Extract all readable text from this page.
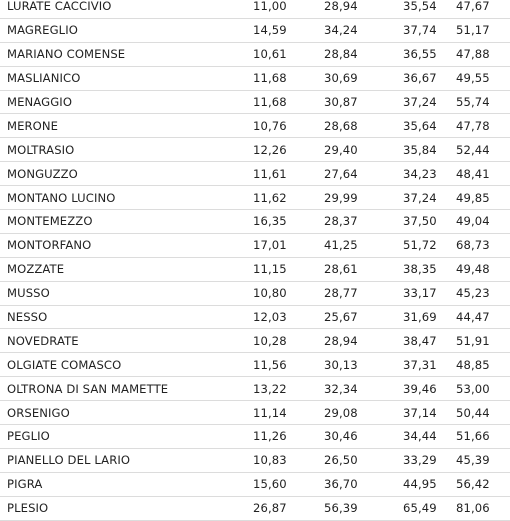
LURATE CACCIVIO	11,00	28,94	35,54	47,67
MAGREGLIO	14,59	34,24	37,74	51,17
MARIANO COMENSE	10,61	28,84	36,55	47,88
MASLIANICO	11,68	30,69	36,67	49,55
MENAGGIO	11,68	30,87	37,24	55,74
MERONE	10,76	28,68	35,64	47,78
MOLTRASIO	12,26	29,40	35,84	52,44
MONGUZZO	11,61	27,64	34,23	48,41
MONTANO LUCINO	11,62	29,99	37,24	49,85
MONTEMEZZO	16,35	28,37	37,50	49,04
MONTORFANO	17,01	41,25	51,72	68,73
MOZZATE	11,15	28,61	38,35	49,48
MUSSO	10,80	28,77	33,17	45,23
NESSO	12,03	25,67	31,69	44,47
NOVEDRATE	10,28	28,94	38,47	51,91
OLGIATE COMASCO	11,56	30,13	37,31	48,85
OLTRONA DI SAN MAMETTE	13,22	32,34	39,46	53,00
ORSENIGO	11,14	29,08	37,14	50,44
PEGLIO	11,26	30,46	34,44	51,66
PIANELLO DEL LARIO	10,83	26,50	33,29	45,39
PIGRA	15,60	36,70	44,95	56,42
PLESIO	26,87	56,39	65,49	81,06
